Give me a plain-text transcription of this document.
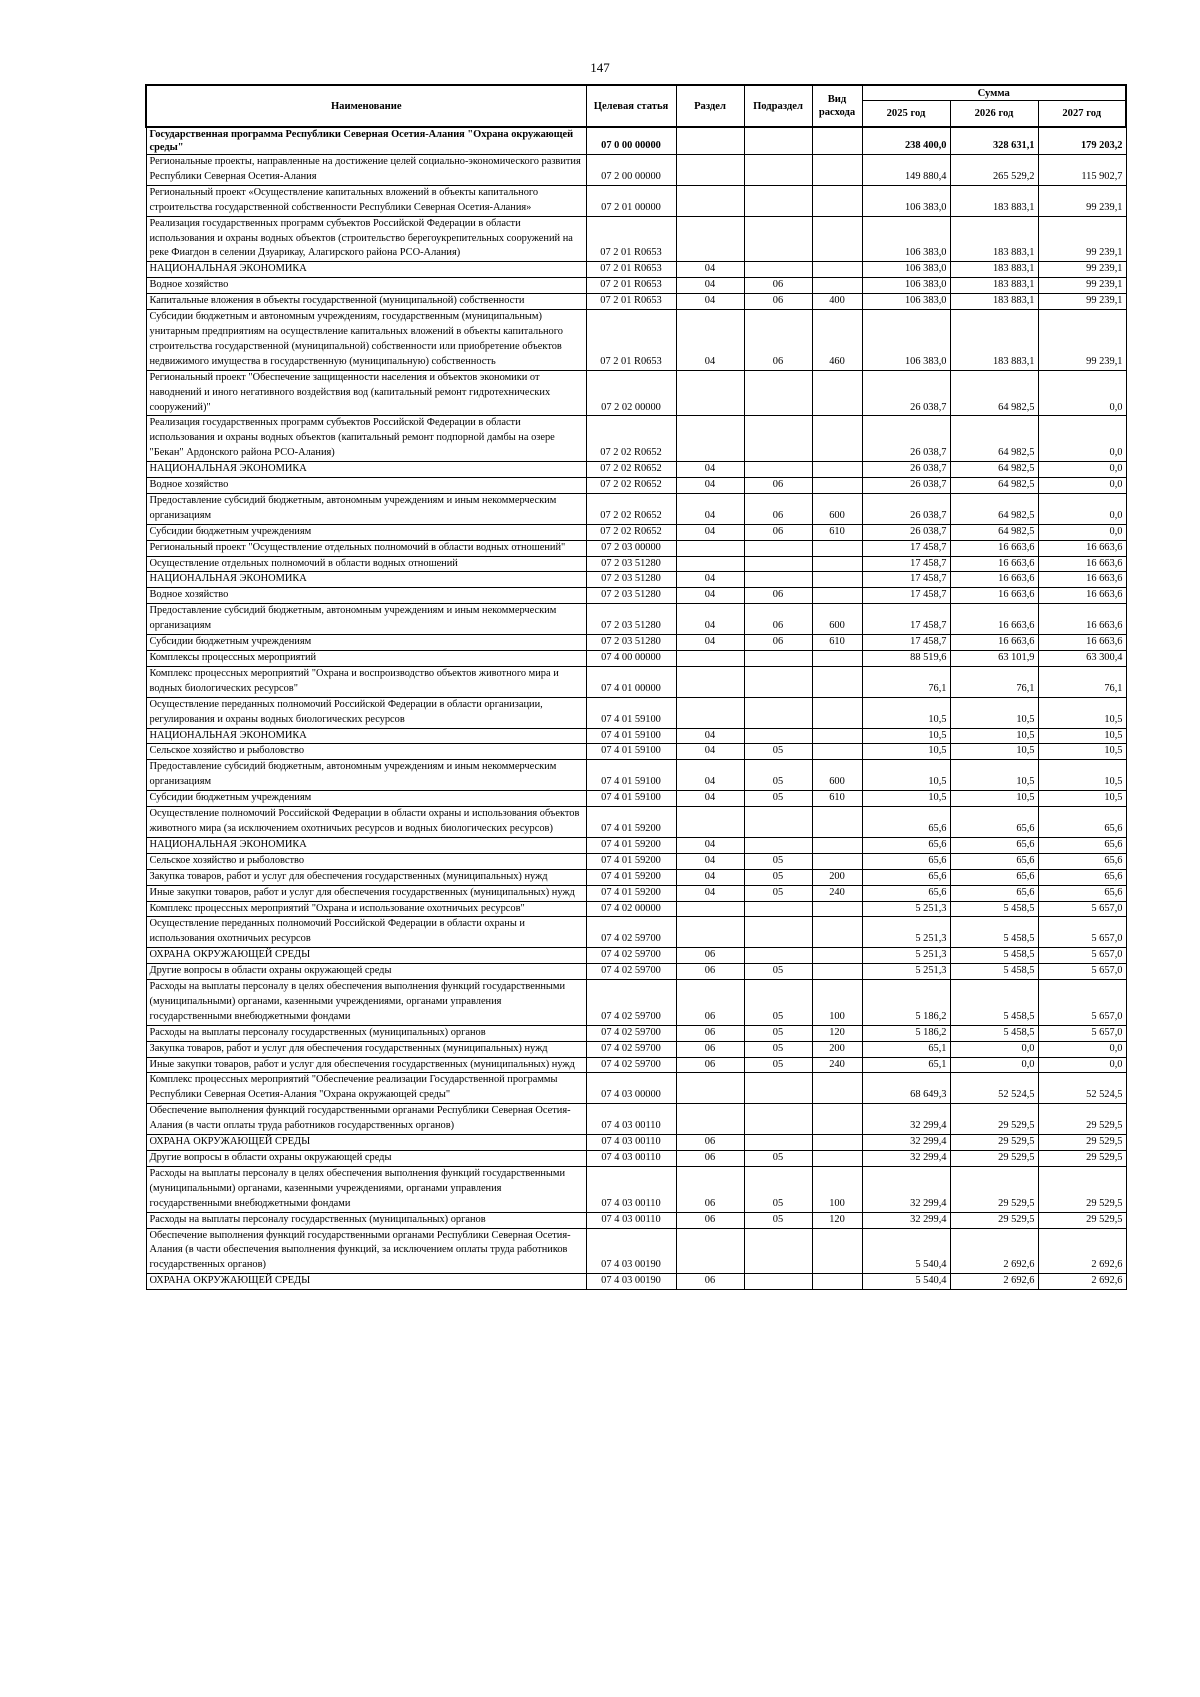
147
Наименование	Целевая статья	Раздел	Подраздел	Вид расхода	Сумма		
					2025 год	2026 год	2027 год
Государственная программа Республики Северная Осетия-Алания "Охрана окружающей среды"	07 0 00 00000				238 400,0	328 631,1	179 203,2
Региональные проекты, направленные на достижение целей социально-экономического развития Республики Северная Осетия-Алания	07 2 00 00000				149 880,4	265 529,2	115 902,7
Региональный проект «Осуществление капитальных вложений в объекты капитального строительства государственной собственности Республики Северная Осетия-Алания»	07 2 01 00000				106 383,0	183 883,1	99 239,1
Реализация государственных программ субъектов Российской Федерации в области использования и охраны водных объектов (строительство берегоукрепительных сооружений на реке Фиагдон в селении Дзуарикау, Алагирского района РСО-Алания)	07 2 01 R0653				106 383,0	183 883,1	99 239,1
НАЦИОНАЛЬНАЯ ЭКОНОМИКА	07 2 01 R0653	04			106 383,0	183 883,1	99 239,1
Водное хозяйство	07 2 01 R0653	04	06		106 383,0	183 883,1	99 239,1
Капитальные вложения в объекты государственной (муниципальной) собственности	07 2 01 R0653	04	06	400	106 383,0	183 883,1	99 239,1
Субсидии бюджетным и автономным учреждениям, государственным (муниципальным) унитарным предприятиям на осуществление капитальных вложений в объекты капитального строительства государственной (муниципальной) собственности или приобретение объектов недвижимого имущества в государственную (муниципальную) собственность	07 2 01 R0653	04	06	460	106 383,0	183 883,1	99 239,1
Региональный проект "Обеспечение защищенности населения и объектов экономики от наводнений и иного негативного воздействия вод (капитальный ремонт гидротехнических сооружений)"	07 2 02 00000				26 038,7	64 982,5	0,0
Реализация государственных программ субъектов Российской Федерации в области использования и охраны водных объектов (капитальный ремонт подпорной дамбы на озере "Бекан" Ардонского района РСО-Алания)	07 2 02 R0652				26 038,7	64 982,5	0,0
НАЦИОНАЛЬНАЯ ЭКОНОМИКА	07 2 02 R0652	04			26 038,7	64 982,5	0,0
Водное хозяйство	07 2 02 R0652	04	06		26 038,7	64 982,5	0,0
Предоставление субсидий бюджетным, автономным учреждениям и иным некоммерческим организациям	07 2 02 R0652	04	06	600	26 038,7	64 982,5	0,0
Субсидии бюджетным учреждениям	07 2 02 R0652	04	06	610	26 038,7	64 982,5	0,0
Региональный проект "Осуществление отдельных полномочий в области водных отношений"	07 2 03 00000				17 458,7	16 663,6	16 663,6
Осуществление отдельных полномочий в области водных отношений	07 2 03 51280				17 458,7	16 663,6	16 663,6
НАЦИОНАЛЬНАЯ ЭКОНОМИКА	07 2 03 51280	04			17 458,7	16 663,6	16 663,6
Водное хозяйство	07 2 03 51280	04	06		17 458,7	16 663,6	16 663,6
Предоставление субсидий бюджетным, автономным учреждениям и иным некоммерческим организациям	07 2 03 51280	04	06	600	17 458,7	16 663,6	16 663,6
Субсидии бюджетным учреждениям	07 2 03 51280	04	06	610	17 458,7	16 663,6	16 663,6
Комплексы процессных мероприятий	07 4 00 00000				88 519,6	63 101,9	63 300,4
Комплекс процессных мероприятий "Охрана и воспроизводство объектов животного мира и водных биологических ресурсов"	07 4 01 00000				76,1	76,1	76,1
Осуществление переданных полномочий Российской Федерации в области организации, регулирования и охраны водных биологических ресурсов	07 4 01 59100				10,5	10,5	10,5
НАЦИОНАЛЬНАЯ ЭКОНОМИКА	07 4 01 59100	04			10,5	10,5	10,5
Сельское хозяйство и рыболовство	07 4 01 59100	04	05		10,5	10,5	10,5
Предоставление субсидий бюджетным, автономным учреждениям и иным некоммерческим организациям	07 4 01 59100	04	05	600	10,5	10,5	10,5
Субсидии бюджетным учреждениям	07 4 01 59100	04	05	610	10,5	10,5	10,5
Осуществление полномочий Российской Федерации в области охраны и использования объектов животного мира (за исключением охотничьих ресурсов и водных биологических ресурсов)	07 4 01 59200				65,6	65,6	65,6
НАЦИОНАЛЬНАЯ ЭКОНОМИКА	07 4 01 59200	04			65,6	65,6	65,6
Сельское хозяйство и рыболовство	07 4 01 59200	04	05		65,6	65,6	65,6
Закупка товаров, работ и услуг для обеспечения государственных (муниципальных) нужд	07 4 01 59200	04	05	200	65,6	65,6	65,6
Иные закупки товаров, работ и услуг для обеспечения государственных (муниципальных) нужд	07 4 01 59200	04	05	240	65,6	65,6	65,6
Комплекс процессных мероприятий "Охрана и использование охотничьих ресурсов"	07 4 02 00000				5 251,3	5 458,5	5 657,0
Осуществление переданных полномочий Российской Федерации в области охраны и использования охотничьих ресурсов	07 4 02 59700				5 251,3	5 458,5	5 657,0
ОХРАНА ОКРУЖАЮЩЕЙ СРЕДЫ	07 4 02 59700	06			5 251,3	5 458,5	5 657,0
Другие вопросы в области охраны окружающей среды	07 4 02 59700	06	05		5 251,3	5 458,5	5 657,0
Расходы на выплаты персоналу в целях обеспечения выполнения функций государственными (муниципальными) органами, казенными учреждениями, органами управления государственными внебюджетными фондами	07 4 02 59700	06	05	100	5 186,2	5 458,5	5 657,0
Расходы на выплаты персоналу государственных (муниципальных) органов	07 4 02 59700	06	05	120	5 186,2	5 458,5	5 657,0
Закупка товаров, работ и услуг для обеспечения государственных (муниципальных) нужд	07 4 02 59700	06	05	200	65,1	0,0	0,0
Иные закупки товаров, работ и услуг для обеспечения государственных (муниципальных) нужд	07 4 02 59700	06	05	240	65,1	0,0	0,0
Комплекс процессных мероприятий "Обеспечение реализации Государственной программы Республики Северная Осетия-Алания "Охрана окружающей среды"	07 4 03 00000				68 649,3	52 524,5	52 524,5
Обеспечение выполнения функций государственными органами Республики Северная Осетия-Алания (в части оплаты труда работников государственных органов)	07 4 03 00110				32 299,4	29 529,5	29 529,5
ОХРАНА ОКРУЖАЮЩЕЙ СРЕДЫ	07 4 03 00110	06			32 299,4	29 529,5	29 529,5
Другие вопросы в области охраны окружающей среды	07 4 03 00110	06	05		32 299,4	29 529,5	29 529,5
Расходы на выплаты персоналу в целях обеспечения выполнения функций государственными (муниципальными) органами, казенными учреждениями, органами управления государственными внебюджетными фондами	07 4 03 00110	06	05	100	32 299,4	29 529,5	29 529,5
Расходы на выплаты персоналу государственных (муниципальных) органов	07 4 03 00110	06	05	120	32 299,4	29 529,5	29 529,5
Обеспечение выполнения функций государственными органами Республики Северная Осетия-Алания (в части обеспечения выполнения функций, за исключением оплаты труда работников государственных органов)	07 4 03 00190				5 540,4	2 692,6	2 692,6
ОХРАНА ОКРУЖАЮЩЕЙ СРЕДЫ	07 4 03 00190	06			5 540,4	2 692,6	2 692,6
